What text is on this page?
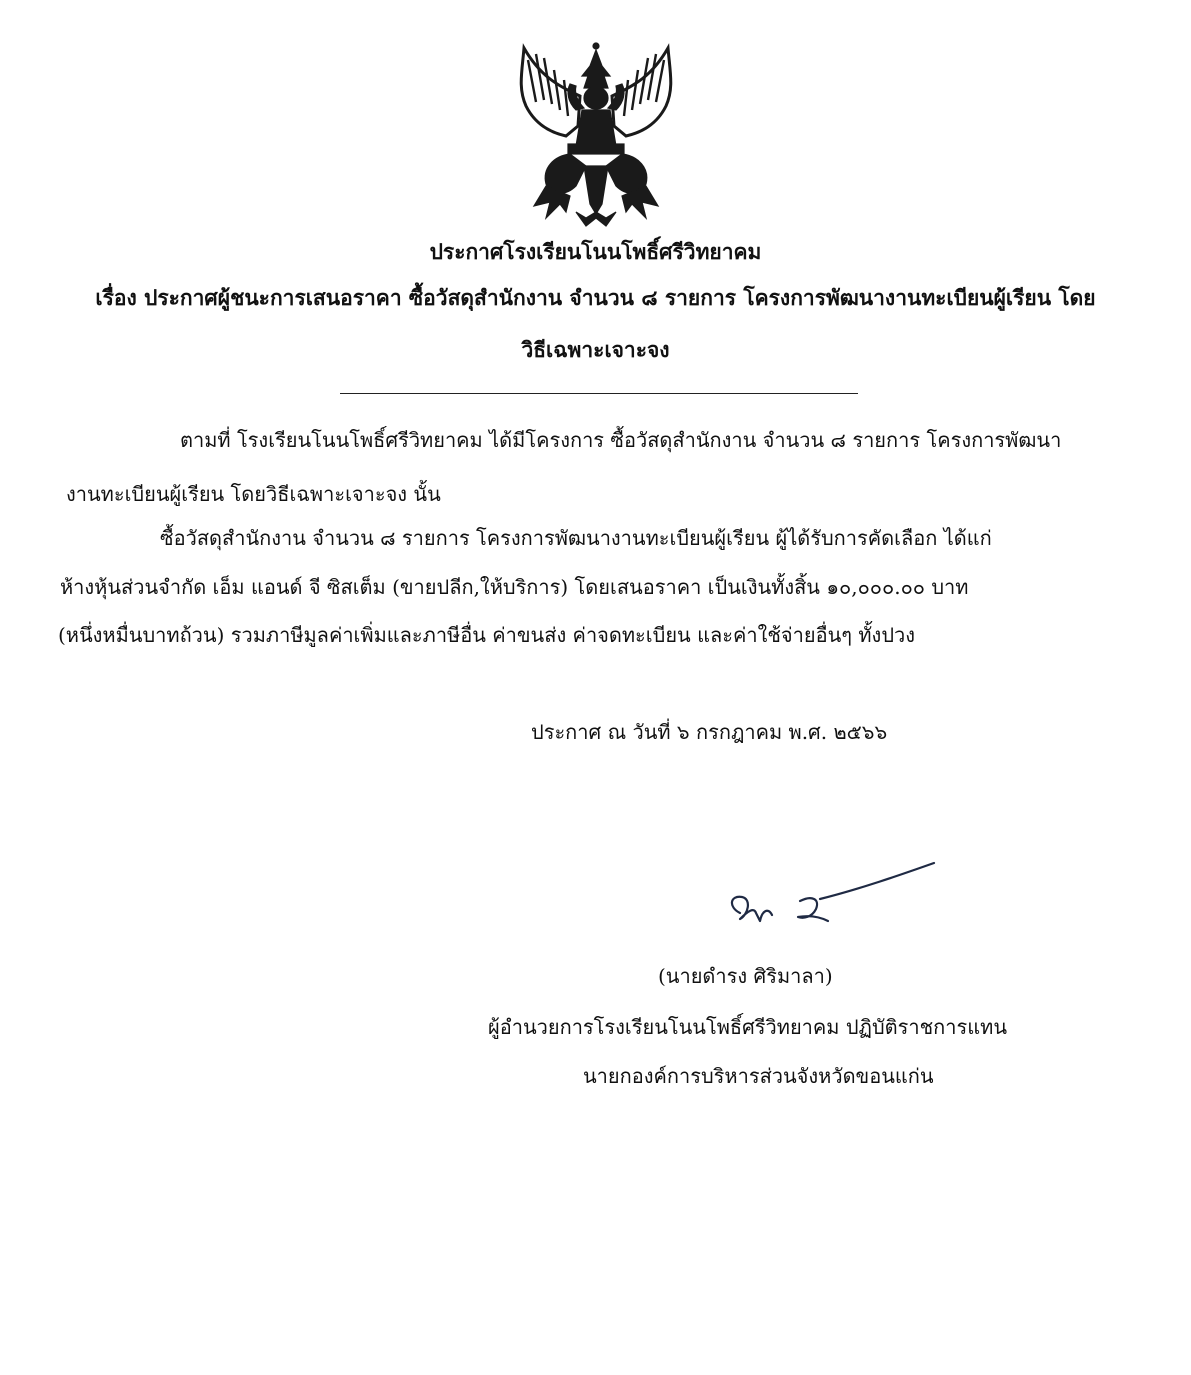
ประกาศโรงเรียนโนนโพธิ์ศรีวิทยาคม
เรื่อง ประกาศผู้ชนะการเสนอราคา ซื้อวัสดุสำนักงาน จำนวน ๘ รายการ โครงการพัฒนางานทะเบียนผู้เรียน โดย
วิธีเฉพาะเจาะจง
ตามที่ โรงเรียนโนนโพธิ์ศรีวิทยาคม ได้มีโครงการ ซื้อวัสดุสำนักงาน จำนวน ๘ รายการ โครงการพัฒนา
งานทะเบียนผู้เรียน โดยวิธีเฉพาะเจาะจง นั้น
ซื้อวัสดุสำนักงาน จำนวน ๘ รายการ โครงการพัฒนางานทะเบียนผู้เรียน ผู้ได้รับการคัดเลือก ได้แก่
ห้างหุ้นส่วนจำกัด เอ็ม แอนด์ จี ซิสเต็ม (ขายปลีก,ให้บริการ) โดยเสนอราคา เป็นเงินทั้งสิ้น ๑๐,๐๐๐.๐๐ บาท
(หนึ่งหมื่นบาทถ้วน) รวมภาษีมูลค่าเพิ่มและภาษีอื่น ค่าขนส่ง ค่าจดทะเบียน และค่าใช้จ่ายอื่นๆ ทั้งปวง
ประกาศ ณ วันที่ ๖ กรกฎาคม พ.ศ. ๒๕๖๖
(นายดำรง ศิริมาลา)
ผู้อำนวยการโรงเรียนโนนโพธิ์ศรีวิทยาคม ปฏิบัติราชการแทน
นายกองค์การบริหารส่วนจังหวัดขอนแก่น
